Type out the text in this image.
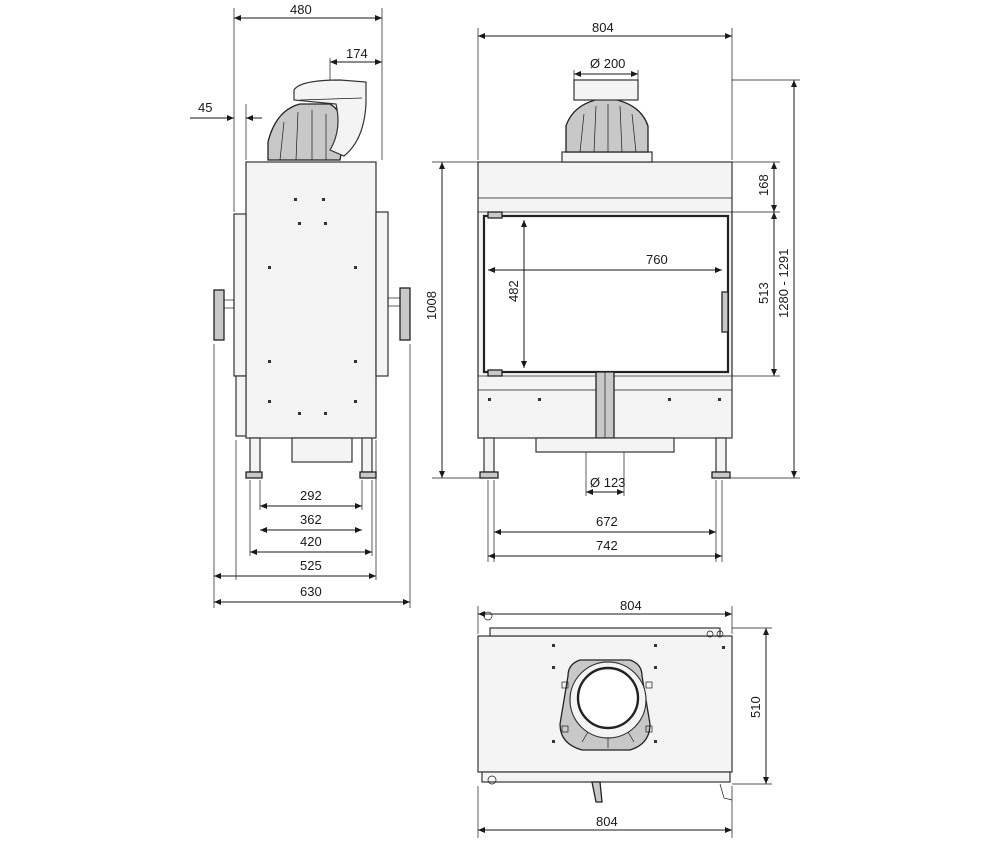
480
174
45
292
362
420
525
630
804
Ø 200
1008
168
513 1280 - 1291
760
482
Ø 123
672
742
804
510
804
